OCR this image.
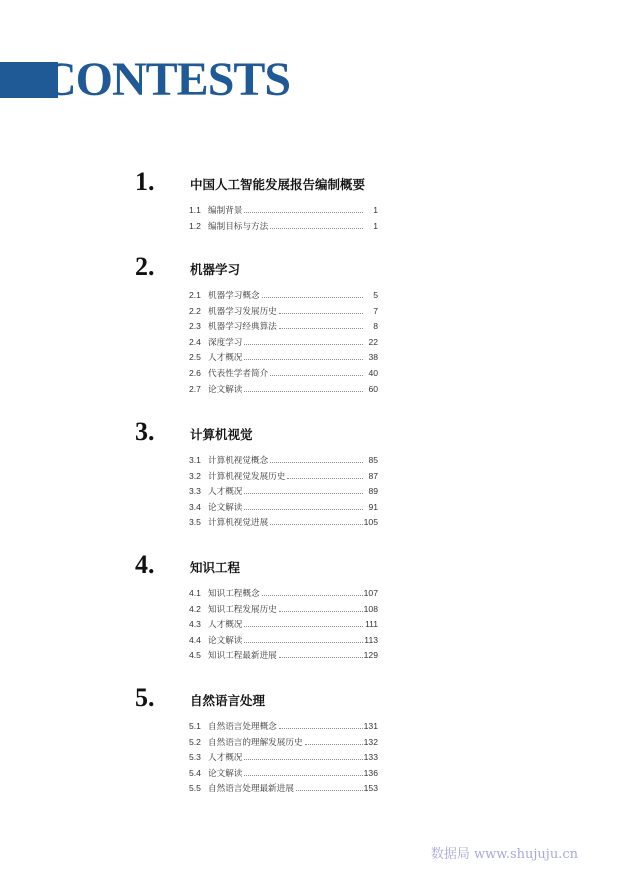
CONTESTS
1.	中国人工智能发展报告编制概要
1.1 编制背景	1
1.2 编制目标与方法	1
2.	机器学习
2.1 机器学习概念	5
2.2 机器学习发展历史	7
2.3 机器学习经典算法	8
2.4 深度学习	22
2.5 人才概况	38
2.6 代表性学者简介	40
2.7 论文解读	60
3.	计算机视觉
3.1 计算机视觉概念	85
3.2 计算机视觉发展历史	87
3.3 人才概况	89
3.4 论文解读	91
3.5 计算机视觉进展	105
4.	知识工程
4.1 知识工程概念	107
4.2 知识工程发展历史	108
4.3 人才概况	111
4.4 论文解读	113
4.5 知识工程最新进展	129
5.	自然语言处理
5.1 自然语言处理概念	131
5.2 自然语言的理解发展历史	132
5.3 人才概况	133
5.4 论文解读	136
5.5 自然语言处理最新进展	153
数据局 www.shujuju.cn
